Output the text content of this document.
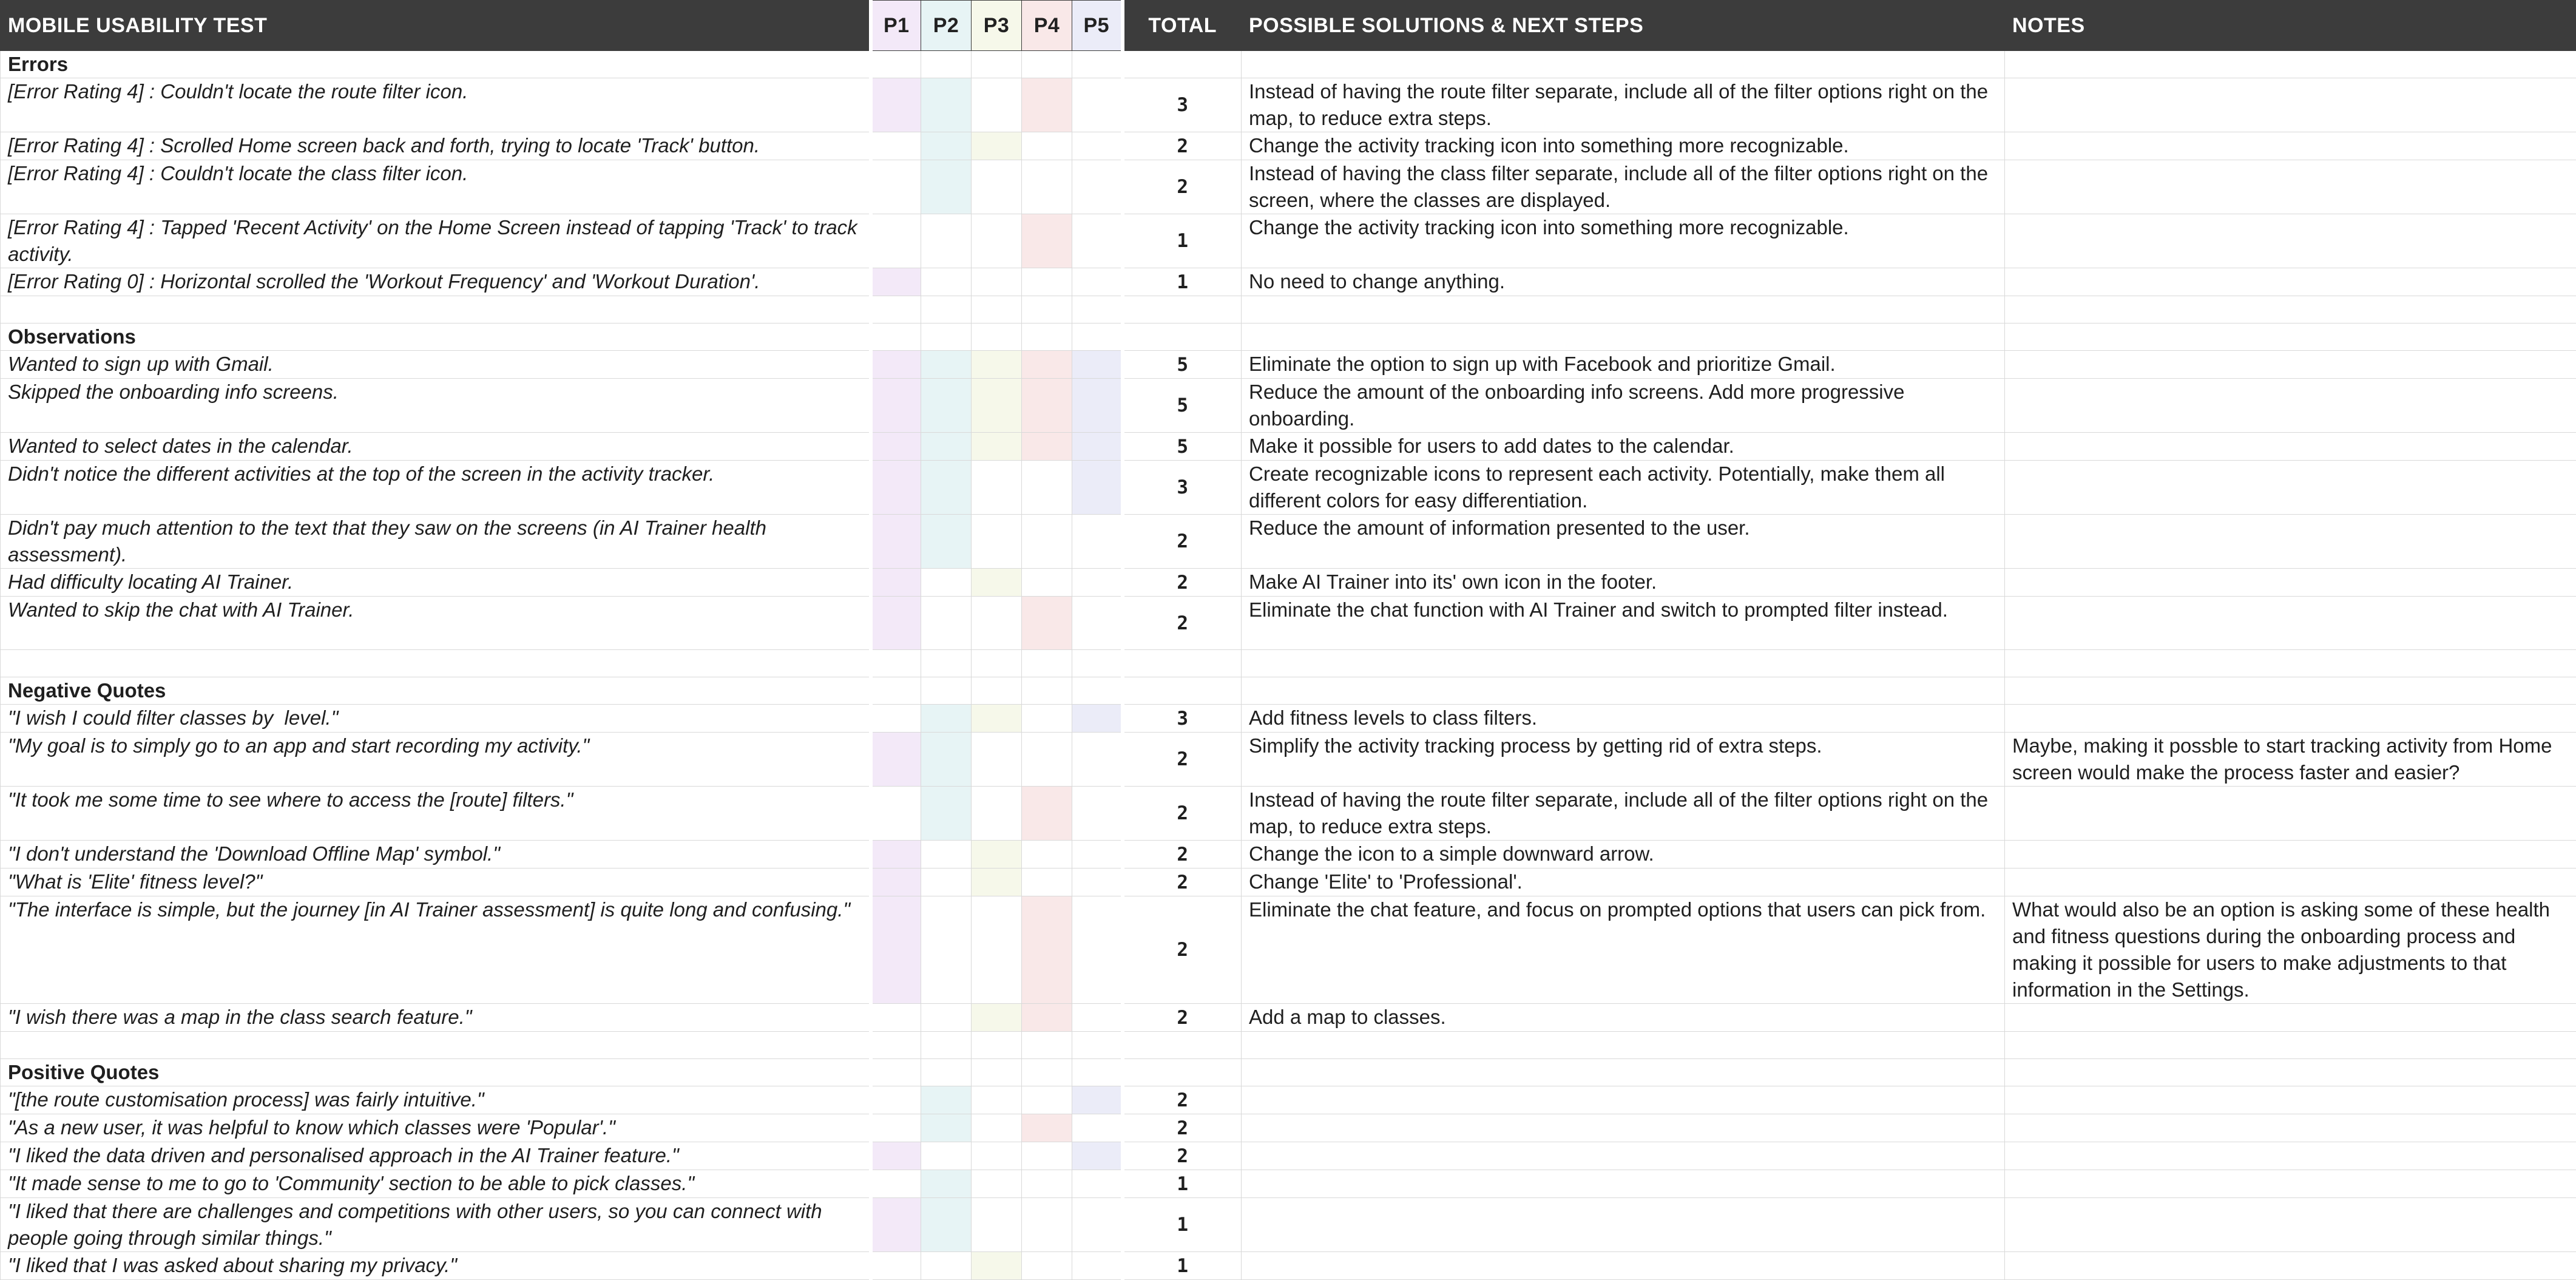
MOBILE USABILITY TEST	P1	P2	P3	P4	P5	TOTAL	POSSIBLE SOLUTIONS & NEXT STEPS	NOTES
Errors								
[Error Rating 4] : Couldn't locate the route filter icon.						3	Instead of having the route filter separate, include all of the filter options right on the map, to reduce extra steps.	
[Error Rating 4] : Scrolled Home screen back and forth, trying to locate 'Track' button.						2	Change the activity tracking icon into something more recognizable.	
[Error Rating 4] : Couldn't locate the class filter icon.						2	Instead of having the class filter separate, include all of the filter options right on the screen, where the classes are displayed.	
[Error Rating 4] : Tapped 'Recent Activity' on the Home Screen instead of tapping 'Track' to track activity.						1	Change the activity tracking icon into something more recognizable.	
[Error Rating 0] : Horizontal scrolled the 'Workout Frequency' and 'Workout Duration'.						1	No need to change anything.	

Observations								
Wanted to sign up with Gmail.						5	Eliminate the option to sign up with Facebook and prioritize Gmail.	
Skipped the onboarding info screens.						5	Reduce the amount of the onboarding info screens. Add more progressive onboarding.	
Wanted to select dates in the calendar.						5	Make it possible for users to add dates to the calendar.	
Didn't notice the different activities at the top of the screen in the activity tracker.						3	Create recognizable icons to represent each activity. Potentially, make them all different colors for easy differentiation.	
Didn't pay much attention to the text that they saw on the screens (in AI Trainer health assessment).						2	Reduce the amount of information presented to the user.	
Had difficulty locating AI Trainer.						2	Make AI Trainer into its' own icon in the footer.	
Wanted to skip the chat with AI Trainer.						2	Eliminate the chat function with AI Trainer and switch to prompted filter instead.	

Negative Quotes								
"I wish I could filter classes by  level."						3	Add fitness levels to class filters.	
"My goal is to simply go to an app and start recording my activity."						2	Simplify the activity tracking process by getting rid of extra steps.	Maybe, making it possble to start tracking activity from Home screen would make the process faster and easier?
"It took me some time to see where to access the [route] filters."						2	Instead of having the route filter separate, include all of the filter options right on the map, to reduce extra steps.	
"I don't understand the 'Download Offline Map' symbol."						2	Change the icon to a simple downward arrow.	
"What is 'Elite' fitness level?"						2	Change 'Elite' to 'Professional'.	
"The interface is simple, but the journey [in AI Trainer assessment] is quite long and confusing."						2	Eliminate the chat feature, and focus on prompted options that users can pick from.	What would also be an option is asking some of these health and fitness questions during the onboarding process and making it possible for users to make adjustments to that information in the Settings.
"I wish there was a map in the class search feature."						2	Add a map to classes.	

Positive Quotes								
"[the route customisation process] was fairly intuitive."						2		
"As a new user, it was helpful to know which classes were 'Popular'."						2		
"I liked the data driven and personalised approach in the AI Trainer feature."						2		
"It made sense to me to go to 'Community' section to be able to pick classes."						1		
"I liked that there are challenges and competitions with other users, so you can connect with people going through similar things."						1		
"I liked that I was asked about sharing my privacy."						1		
